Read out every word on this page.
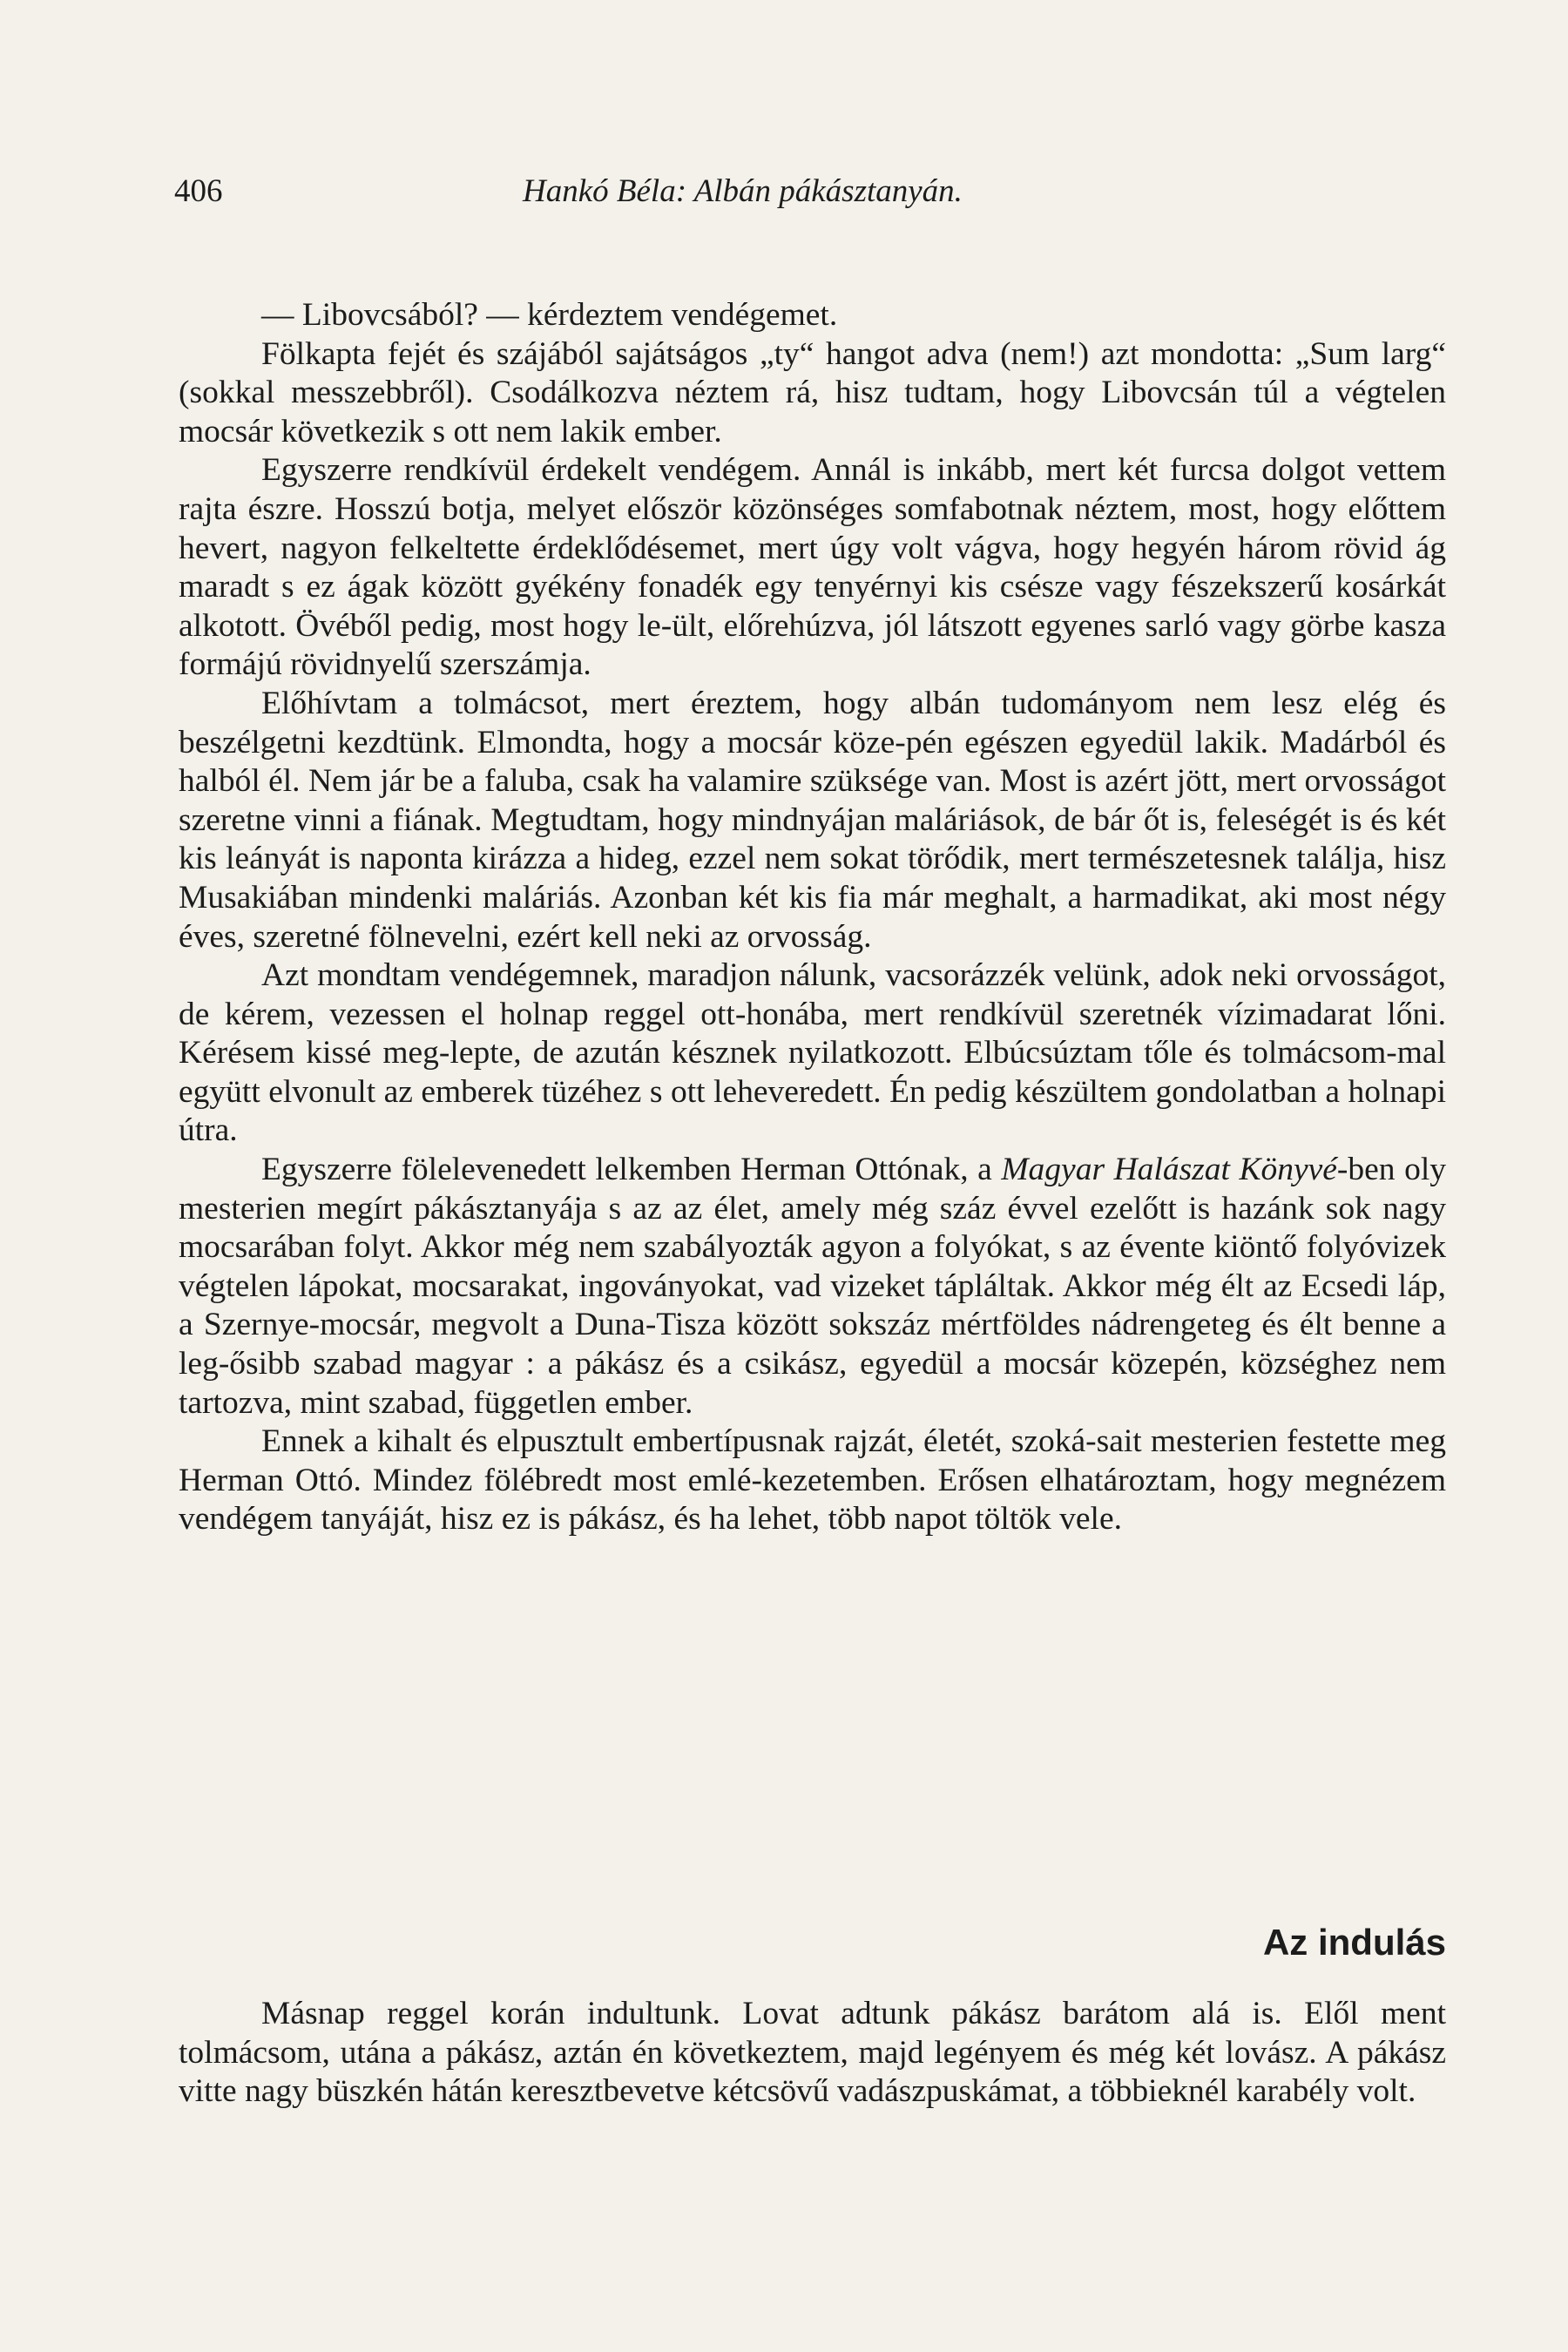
406	Hankó Béla: Albán pákásztanyán.

— Libovcsából? — kérdeztem vendégemet.

Fölkapta fejét és szájából sajátságos „ty“ hangot adva (nem!) azt mondotta: „Sum larg“ (sokkal messzebbről). Csodálkozva néztem rá, hisz tudtam, hogy Libovcsán túl a végtelen mocsár következik s ott nem lakik ember.

Egyszerre rendkívül érdekelt vendégem. Annál is inkább, mert két furcsa dolgot vettem rajta észre. Hosszú botja, melyet először közönséges somfabotnak néztem, most, hogy előttem hevert, nagyon felkeltette érdeklődésemet, mert úgy volt vágva, hogy hegyén három rövid ág maradt s ez ágak között gyékény fonadék egy tenyérnyi kis csésze vagy fészekszerű kosárkát alkotott. Övéből pedig, most hogy le-ült, előrehúzva, jól látszott egyenes sarló vagy görbe kasza formájú rövidnyelű szerszámja.

Előhívtam a tolmácsot, mert éreztem, hogy albán tudományom nem lesz elég és beszélgetni kezdtünk. Elmondta, hogy a mocsár köze-pén egészen egyedül lakik. Madárból és halból él. Nem jár be a faluba, csak ha valamire szüksége van. Most is azért jött, mert orvosságot szeretne vinni a fiának. Megtudtam, hogy mindnyájan maláriások, de bár őt is, feleségét is és két kis leányát is naponta kirázza a hideg, ezzel nem sokat törődik, mert természetesnek találja, hisz Musakiában mindenki maláriás. Azonban két kis fia már meghalt, a harmadikat, aki most négy éves, szeretné fölnevelni, ezért kell neki az orvosság.

Azt mondtam vendégemnek, maradjon nálunk, vacsorázzék velünk, adok neki orvosságot, de kérem, vezessen el holnap reggel ott-honába, mert rendkívül szeretnék vízimadarat lőni. Kérésem kissé meg-lepte, de azután késznek nyilatkozott. Elbúcsúztam tőle és tolmácsom-mal együtt elvonult az emberek tüzéhez s ott leheveredett. Én pedig készültem gondolatban a holnapi útra.

Egyszerre fölelevenedett lelkemben Herman Ottónak, a Magyar Halászat Könyvé-ben oly mesterien megírt pákásztanyája s az az élet, amely még száz évvel ezelőtt is hazánk sok nagy mocsarában folyt. Akkor még nem szabályozták agyon a folyókat, s az évente kiöntő folyóvizek végtelen lápokat, mocsarakat, ingoványokat, vad vizeket tápláltak. Akkor még élt az Ecsedi láp, a Szernye-mocsár, megvolt a Duna-Tisza között sokszáz mértföldes nádrengeteg és élt benne a leg-ősibb szabad magyar : a pákász és a csikász, egyedül a mocsár közepén, községhez nem tartozva, mint szabad, független ember.

Ennek a kihalt és elpusztult embertípusnak rajzát, életét, szoká-sait mesterien festette meg Herman Ottó. Mindez fölébredt most emlé-kezetemben. Erősen elhatároztam, hogy megnézem vendégem tanyáját, hisz ez is pákász, és ha lehet, több napot töltök vele.

Az indulás

Másnap reggel korán indultunk. Lovat adtunk pákász barátom alá is. Elől ment tolmácsom, utána a pákász, aztán én következtem, majd legényem és még két lovász. A pákász vitte nagy büszkén hátán keresztbevetve kétcsövű vadászpuskámat, a többieknél karabély volt.
